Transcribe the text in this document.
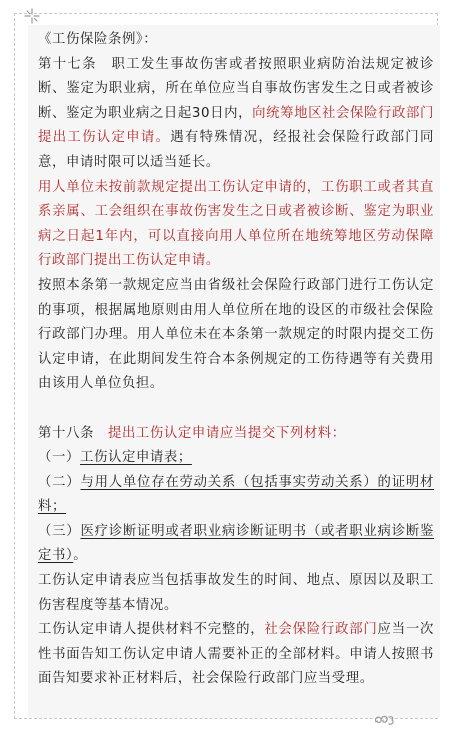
《工伤保险条例》：

第十七条　职工发生事故伤害或者按照职业病防治法规定被诊断、鉴定为职业病，所在单位应当自事故伤害发生之日或者被诊断、鉴定为职业病之日起30日内，向统筹地区社会保险行政部门提出工伤认定申请。遇有特殊情况，经报社会保险行政部门同意，申请时限可以适当延长。

用人单位未按前款规定提出工伤认定申请的，工伤职工或者其直系亲属、工会组织在事故伤害发生之日或者被诊断、鉴定为职业病之日起1年内，可以直接向用人单位所在地统筹地区劳动保障行政部门提出工伤认定申请。

按照本条第一款规定应当由省级社会保险行政部门进行工伤认定的事项，根据属地原则由用人单位所在地的设区的市级社会保险行政部门办理。用人单位未在本条第一款规定的时限内提交工伤认定申请，在此期间发生符合本条例规定的工伤待遇等有关费用由该用人单位负担。

第十八条　提出工伤认定申请应当提交下列材料：

（一）工伤认定申请表；

（二）与用人单位存在劳动关系（包括事实劳动关系）的证明材料；

（三）医疗诊断证明或者职业病诊断证明书（或者职业病诊断鉴定书）。

工伤认定申请表应当包括事故发生的时间、地点、原因以及职工伤害程度等基本情况。

工伤认定申请人提供材料不完整的，社会保险行政部门应当一次性书面告知工伤认定申请人需要补正的全部材料。申请人按照书面告知要求补正材料后，社会保险行政部门应当受理。
